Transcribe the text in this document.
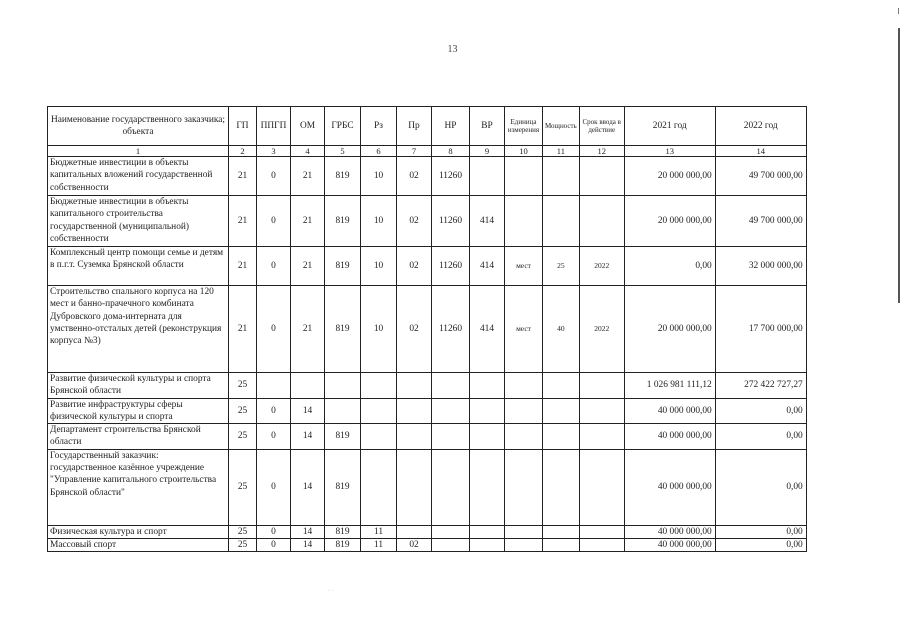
13
Наименование государственного заказчика; объекта	ГП	ППГП	ОМ	ГРБС	Рз	Пр	НР	ВР	Единица измерения	Мощность	Срок ввода в действие	2021 год	2022 год
1	2	3	4	5	6	7	8	9	10	11	12	13	14
Бюджетные инвестиции в объекты капитальных вложений государственной собственности	21	0	21	819	10	02	11260					20 000 000,00	49 700 000,00
Бюджетные инвестиции в объекты капитального строительства государственной (муниципальной) собственности	21	0	21	819	10	02	11260	414				20 000 000,00	49 700 000,00
Комплексный центр помощи семье и детям в п.г.т. Суземка Брянской области	21	0	21	819	10	02	11260	414	мест	25	2022	0,00	32 000 000,00
Строительство спального корпуса на 120 мест и банно-прачечного комбината Дубровского дома-интерната для умственно-отсталых детей (реконструкция корпуса №3)	21	0	21	819	10	02	11260	414	мест	40	2022	20 000 000,00	17 700 000,00
Развитие физической культуры и спорта Брянской области	25											1 026 981 111,12	272 422 727,27
Развитие инфраструктуры сферы физической культуры и спорта	25	0	14									40 000 000,00	0,00
Департамент строительства Брянской области	25	0	14	819								40 000 000,00	0,00
Государственный заказчик: государственное казённое учреждение "Управление капитального строительства Брянской области"	25	0	14	819								40 000 000,00	0,00
Физическая культура и спорт	25	0	14	819	11							40 000 000,00	0,00
Массовый спорт	25	0	14	819	11	02						40 000 000,00	0,00
· ·
